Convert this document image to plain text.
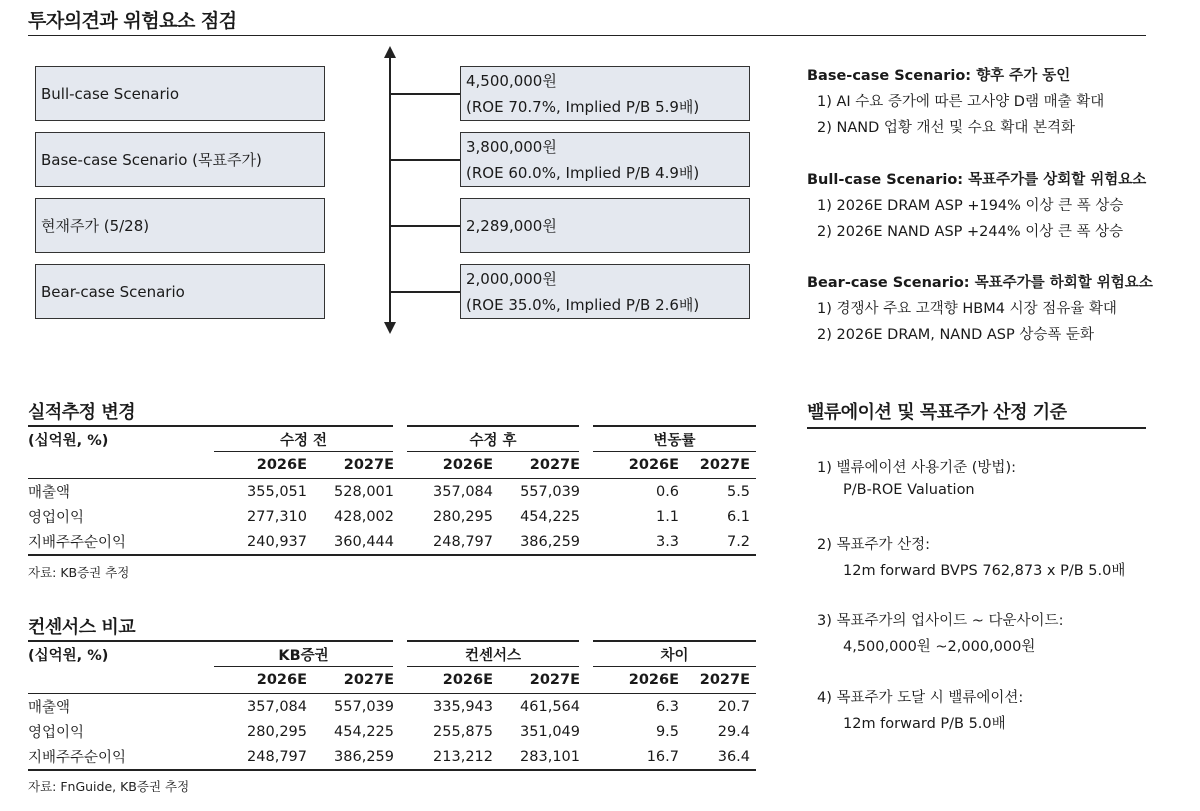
투자의견과 위험요소 점검
Bull-case Scenario
Base-case Scenario (목표주가)
현재주가 (5/28)
Bear-case Scenario
4,500,000원
(ROE 70.7%, Implied P/B 5.9배)
3,800,000원
(ROE 60.0%, Implied P/B 4.9배)
2,289,000원
2,000,000원
(ROE 35.0%, Implied P/B 2.6배)
Base-case Scenario: 향후 주가 동인
1) AI 수요 증가에 따른 고사양 D램 매출 확대
2) NAND 업황 개선 및 수요 확대 본격화
Bull-case Scenario: 목표주가를 상회할 위험요소
1) 2026E DRAM ASP +194% 이상 큰 폭 상승
2) 2026E NAND ASP +244% 이상 큰 폭 상승
Bear-case Scenario: 목표주가를 하회할 위험요소
1) 경쟁사 주요 고객향 HBM4 시장 점유율 확대
2) 2026E DRAM, NAND ASP 상승폭 둔화
실적추정 변경
(십억원, %)	수정 전		수정 후		변동률	
	2026E	2027E	2026E	2027E	2026E	2027E
매출액	355,051	528,001	357,084	557,039	0.6	5.5
영업이익	277,310	428,002	280,295	454,225	1.1	6.1
지배주주순이익	240,937	360,444	248,797	386,259	3.3	7.2
자료: KB증권 추정
컨센서스 비교
(십억원, %)	KB증권		컨센서스		차이	
	2026E	2027E	2026E	2027E	2026E	2027E
매출액	357,084	557,039	335,943	461,564	6.3	20.7
영업이익	280,295	454,225	255,875	351,049	9.5	29.4
지배주주순이익	248,797	386,259	213,212	283,101	16.7	36.4
자료: FnGuide, KB증권 추정
밸류에이션 및 목표주가 산정 기준
1) 밸류에이션 사용기준 (방법):
P/B-ROE Valuation
2) 목표주가 산정:
12m forward BVPS 762,873 x P/B 5.0배
3) 목표주가의 업사이드 ~ 다운사이드:
4,500,000원 ~2,000,000원
4) 목표주가 도달 시 밸류에이션:
12m forward P/B 5.0배
